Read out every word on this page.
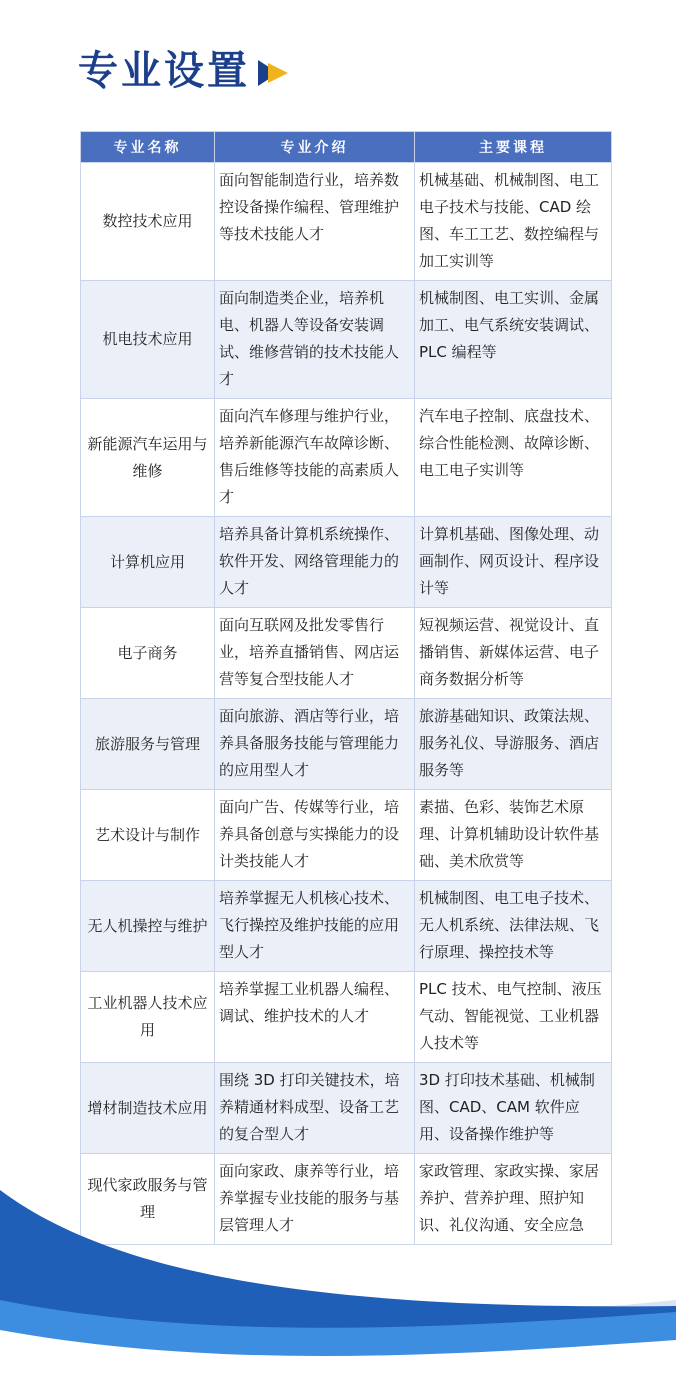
专业设置
专业名称	专业介绍	主要课程
数控技术应用	面向智能制造行业，培养数控设备操作编程、管理维护等技术技能人才	机械基础、机械制图、电工电子技术与技能、CAD 绘图、车工工艺、数控编程与加工实训等
机电技术应用	面向制造类企业，培养机电、机器人等设备安装调试、维修营销的技术技能人才	机械制图、电工实训、金属加工、电气系统安装调试、PLC 编程等
新能源汽车运用与维修	面向汽车修理与维护行业，培养新能源汽车故障诊断、售后维修等技能的高素质人才	汽车电子控制、底盘技术、综合性能检测、故障诊断、电工电子实训等
计算机应用	培养具备计算机系统操作、软件开发、网络管理能力的人才	计算机基础、图像处理、动画制作、网页设计、程序设计等
电子商务	面向互联网及批发零售行业，培养直播销售、网店运营等复合型技能人才	短视频运营、视觉设计、直播销售、新媒体运营、电子商务数据分析等
旅游服务与管理	面向旅游、酒店等行业，培养具备服务技能与管理能力的应用型人才	旅游基础知识、政策法规、服务礼仪、导游服务、酒店服务等
艺术设计与制作	面向广告、传媒等行业，培养具备创意与实操能力的设计类技能人才	素描、色彩、装饰艺术原理、计算机辅助设计软件基础、美术欣赏等
无人机操控与维护	培养掌握无人机核心技术、飞行操控及维护技能的应用型人才	机械制图、电工电子技术、无人机系统、法律法规、飞行原理、操控技术等
工业机器人技术应用	培养掌握工业机器人编程、调试、维护技术的人才	PLC 技术、电气控制、液压气动、智能视觉、工业机器人技术等
增材制造技术应用	围绕 3D 打印关键技术，培养精通材料成型、设备工艺的复合型人才	3D 打印技术基础、机械制图、CAD、CAM 软件应用、设备操作维护等
现代家政服务与管理	面向家政、康养等行业，培养掌握专业技能的服务与基层管理人才	家政管理、家政实操、家居养护、营养护理、照护知识、礼仪沟通、安全应急
